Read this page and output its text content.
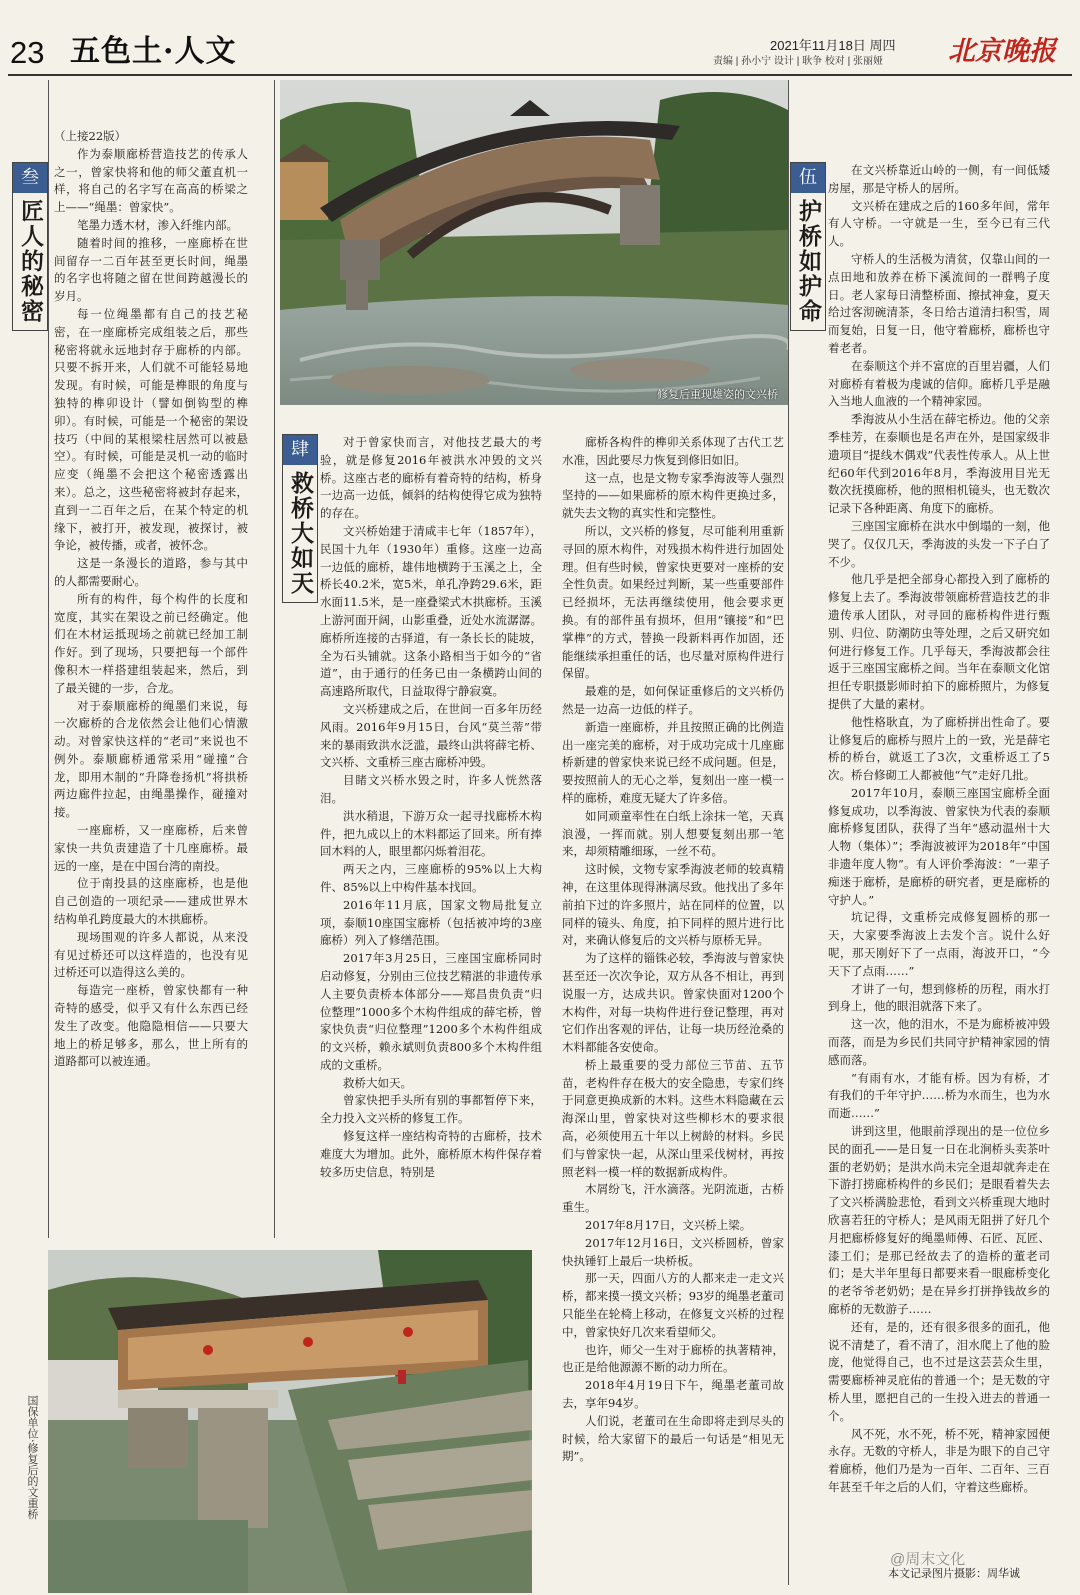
23 五色土·人文	2021年11月18日 周四
责编 | 孙小宁 设计 | 耿争 校对 | 张丽娅	北京晚报
叁
匠人的秘密
肆
救桥大如天
伍
护桥如护命
修复后重现雄姿的文兴桥
国保单位·修复后的文重桥

（上接22版）

作为泰顺廊桥营造技艺的传承人之一，曾家快将和他的师父董直机一样，将自己的名字写在高高的桥梁之上——“绳墨：曾家快”。

笔墨力透木材，渗入纤维内部。

随着时间的推移，一座廊桥在世间留存一二百年甚至更长时间，绳墨的名字也将随之留在世间跨越漫长的岁月。

每一位绳墨都有自己的技艺秘密，在一座廊桥完成组装之后，那些秘密将就永远地封存于廊桥的内部。只要不拆开来，人们就不可能轻易地发现。有时候，可能是榫眼的角度与独特的榫卯设计（譬如倒钩型的榫卯）。有时候，可能是一个秘密的架设技巧（中间的某根梁柱居然可以被悬空）。有时候，可能是灵机一动的临时应变（绳墨不会把这个秘密透露出来）。总之，这些秘密将被封存起来，直到一二百年之后，在某个特定的机缘下，被打开，被发现，被探讨，被争论，被传播，或者，被怀念。

这是一条漫长的道路，参与其中的人都需要耐心。

所有的构件，每个构件的长度和宽度，其实在架设之前已经确定。他们在木材运抵现场之前就已经加工制作好。到了现场，只要把每一个部件像积木一样搭建组装起来，然后，到了最关键的一步，合龙。

对于泰顺廊桥的绳墨们来说，每一次廊桥的合龙依然会让他们心情激动。对曾家快这样的“老司”来说也不例外。泰顺廊桥通常采用“碰撞”合龙，即用木制的“升降卷扬机”将拱桥两边廊件拉起，由绳墨操作，碰撞对接。

一座廊桥，又一座廊桥，后来曾家快一共负责建造了十几座廊桥。最远的一座，是在中国台湾的南投。

位于南投县的这座廊桥，也是他自己创造的一项纪录——建成世界木结构单孔跨度最大的木拱廊桥。

现场围观的许多人都说，从来没有见过桥还可以这样造的，也没有见过桥还可以造得这么美的。

每造完一座桥，曾家快都有一种奇特的感受，似乎又有什么东西已经发生了改变。他隐隐相信——只要大地上的桥足够多，那么，世上所有的道路都可以被连通。

对于曾家快而言，对他技艺最大的考验，就是修复2016年被洪水冲毁的文兴桥。这座古老的廊桥有着奇特的结构，桥身一边高一边低，倾斜的结构使得它成为独特的存在。

文兴桥始建于清咸丰七年（1857年），民国十九年（1930年）重修。这座一边高一边低的廊桥，雄伟地横跨于玉溪之上，全桥长40.2米，宽5米，单孔净跨29.6米，距水面11.5米，是一座叠梁式木拱廊桥。玉溪上游河面开阔，山影重叠，近处水流潺潺。廊桥所连接的古驿道，有一条长长的陡坡，全为石头铺就。这条小路相当于如今的“省道”，由于通行的任务已由一条横跨山间的高速路所取代，日益取得宁静寂寞。

文兴桥建成之后，在世间一百多年历经风雨。2016年9月15日，台风“莫兰蒂”带来的暴雨致洪水泛滥，最终山洪将薛宅桥、文兴桥、文重桥三座古廊桥冲毁。

目睹文兴桥水毁之时，许多人恍然落泪。

洪水稍退，下游万众一起寻找廊桥木构件，把九成以上的木料都运了回来。所有捧回木料的人，眼里都闪烁着泪花。

两天之内，三座廊桥的95%以上大构件、85%以上中构件基本找回。

2016年11月底，国家文物局批复立项，泰顺10座国宝廊桥（包括被冲垮的3座廊桥）列入了修缮范围。

2017年3月25日，三座国宝廊桥同时启动修复，分别由三位技艺精湛的非遗传承人主要负责桥本体部分——郑昌贵负责“归位整理”1000多个木构件组成的薛宅桥，曾家快负责“归位整理”1200多个木构件组成的文兴桥，赖永斌则负责800多个木构件组成的文重桥。

救桥大如天。

曾家快把手头所有别的事都暂停下来，全力投入文兴桥的修复工作。

修复这样一座结构奇特的古廊桥，技术难度大为增加。此外，廊桥原木构件保存着较多历史信息，特别是

廊桥各构件的榫卯关系体现了古代工艺水准，因此要尽力恢复到修旧如旧。

这一点，也是文物专家季海波等人强烈坚持的——如果廊桥的原木构件更换过多，就失去文物的真实性和完整性。

所以，文兴桥的修复，尽可能利用重新寻回的原木构件，对残损木构件进行加固处理。但有些时候，曾家快更要对一座桥的安全性负责。如果经过判断，某一些重要部件已经损坏，无法再继续使用，他会要求更换。有的部件虽有损坏，但用“镶接”和“巴掌榫”的方式，替换一段新料再作加固，还能继续承担重任的话，也尽量对原构件进行保留。

最难的是，如何保证重修后的文兴桥仍然是一边高一边低的样子。

新造一座廊桥，并且按照正确的比例造出一座完美的廊桥，对于成功完成十几座廊桥新建的曾家快来说已经不成问题。但是，要按照前人的无心之举，复刻出一座一模一样的廊桥，难度无疑大了许多倍。

如同顽童率性在白纸上涂抹一笔，天真浪漫，一挥而就。别人想要复刻出那一笔来，却须精雕细琢，一丝不苟。

这时候，文物专家季海波老师的较真精神，在这里体现得淋漓尽致。他找出了多年前拍下过的许多照片，站在同样的位置，以同样的镜头、角度，拍下同样的照片进行比对，来确认修复后的文兴桥与原桥无异。

为了这样的锱铢必较，季海波与曾家快甚至还一次次争论，双方从各不相让，再到说服一方，达成共识。曾家快面对1200个木构件，对每一块构件进行登记整理，再对它们作出客观的评估，让每一块历经沧桑的木料都能各安使命。

桥上最重要的受力部位三节苗、五节苗，老构件存在极大的安全隐患，专家们终于同意更换成新的木料。这些木料隐藏在云海深山里，曾家快对这些柳杉木的要求很高，必须使用五十年以上树龄的材料。乡民们与曾家快一起，从深山里采伐树材，再按照老料一模一样的数据新成构件。

木屑纷飞，汗水滴落。光阴流逝，古桥重生。

2017年8月17日，文兴桥上梁。

2017年12月16日，文兴桥圆桥，曾家快执锤钉上最后一块桥板。

那一天，四面八方的人都来走一走文兴桥，都来摸一摸文兴桥；93岁的绳墨老董司只能坐在轮椅上移动，在修复文兴桥的过程中，曾家快好几次来看望师父。

也许，师父一生对于廊桥的执著精神，也正是给他源源不断的动力所在。

2018年4月19日下午，绳墨老董司故去，享年94岁。

人们说，老董司在生命即将走到尽头的时候，给大家留下的最后一句话是“相见无期”。

在文兴桥靠近山岭的一侧，有一间低矮房屋，那是守桥人的居所。

文兴桥在建成之后的160多年间，常年有人守桥。一守就是一生，至今已有三代人。

守桥人的生活极为清贫，仅靠山间的一点田地和放养在桥下溪流间的一群鸭子度日。老人家每日清整桥面、擦拭神龛，夏天给过客沏碗清茶，冬日给古道清扫积雪，周而复始，日复一日，他守着廊桥，廊桥也守着老者。

在泰顺这个并不富庶的百里岩疆，人们对廊桥有着极为虔诚的信仰。廊桥几乎是融入当地人血液的一个精神家园。

季海波从小生活在薛宅桥边。他的父亲季桂芳，在泰顺也是名声在外，是国家级非遗项目“提线木偶戏”代表性传承人。从上世纪60年代到2016年8月，季海波用目光无数次抚摸廊桥，他的照相机镜头，也无数次记录下各种距离、角度下的廊桥。

三座国宝廊桥在洪水中倒塌的一刻，他哭了。仅仅几天，季海波的头发一下子白了不少。

他几乎是把全部身心都投入到了廊桥的修复上去了。季海波带领廊桥营造技艺的非遗传承人团队，对寻回的廊桥构件进行甄别、归位、防潮防虫等处理，之后又研究如何进行修复工作。几乎每天，季海波都会往返于三座国宝廊桥之间。当年在泰顺文化馆担任专职摄影师时拍下的廊桥照片，为修复提供了大量的素材。

他性格耿直，为了廊桥拼出性命了。要让修复后的廊桥与照片上的一致，光是薛宅桥的桥台，就返工了3次，文重桥返工了5次。桥台修砌工人都被他“气”走好几批。

2017年10月，泰顺三座国宝廊桥全面修复成功，以季海波、曾家快为代表的泰顺廊桥修复团队，获得了当年“感动温州十大人物（集体）”；季海波被评为2018年“中国非遗年度人物”。有人评价季海波：“一辈子痴迷于廊桥，是廊桥的研究者，更是廊桥的守护人。”

坑记得，文重桥完成修复圆桥的那一天，大家要季海波上去发个言。说什么好呢，那天刚好下了一点雨，海波开口，“今天下了点雨……”

才讲了一句，想到修桥的历程，雨水打到身上，他的眼泪就落下来了。

这一次，他的泪水，不是为廊桥被冲毁而落，而是为乡民们共同守护精神家园的情感而落。

“有雨有水，才能有桥。因为有桥，才有我们的千年守护……桥为水而生，也为水而逝……”

讲到这里，他眼前浮现出的是一位位乡民的面孔——是日复一日在北涧桥头卖茶叶蛋的老奶奶；是洪水尚未完全退却就奔走在下游打捞廊桥构件的乡民们；是眼看着失去了文兴桥满脸悲怆，看到文兴桥重现大地时欣喜若狂的守桥人；是风雨无阻拼了好几个月把廊桥修复好的绳墨师傅、石匠、瓦匠、漆工们；是那已经故去了的造桥的董老司们；是大半年里每日都要来看一眼廊桥变化的老爷爷老奶奶；是在异乡打拼挣钱故乡的廊桥的无数游子……

还有，是的，还有很多很多的面孔，他说不清楚了，看不清了，泪水爬上了他的脸庞，他觉得自己，也不过是这芸芸众生里，需要廊桥神灵庇佑的普通一个；是无数的守桥人里，愿把自己的一生投入进去的普通一个。

风不死，水不死，桥不死，精神家园便永存。无数的守桥人，非是为眼下的自己守着廊桥，他们乃是为一百年、二百年、三百年甚至千年之后的人们，守着这些廊桥。

@周末文化
本文记录图片摄影：周华诚
